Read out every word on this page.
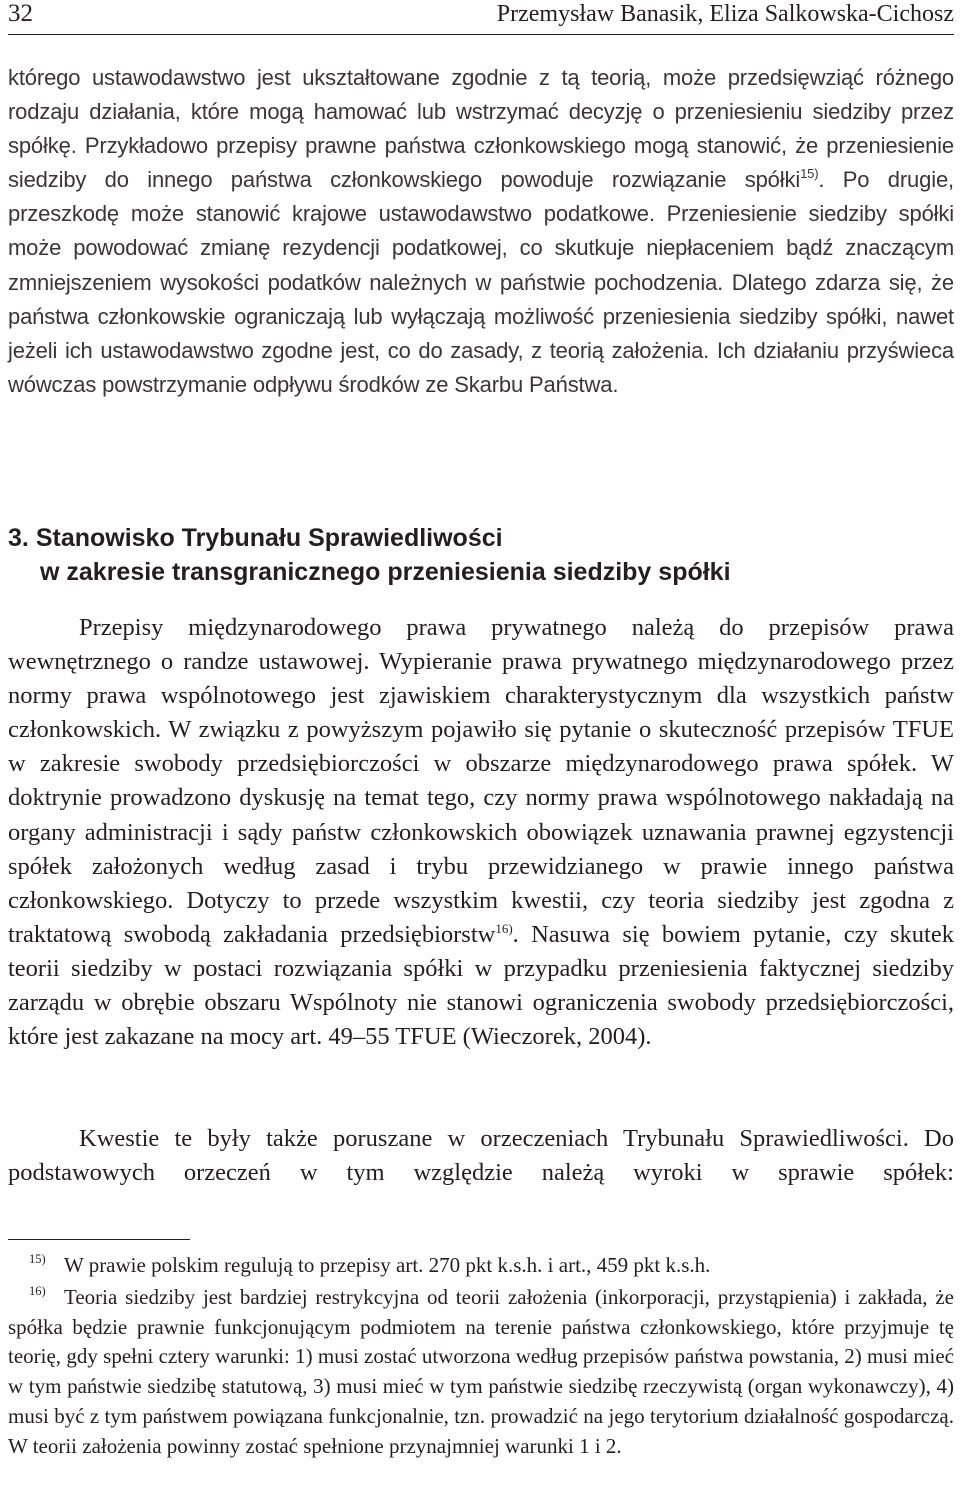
32	Przemysław Banasik, Eliza Salkowska-Cichosz

którego ustawodawstwo jest ukształtowane zgodnie z tą teorią, może przedsięwziąć różnego rodzaju działania, które mogą hamować lub wstrzymać decyzję o przeniesieniu siedziby przez spółkę. Przykładowo przepisy prawne państwa członkowskiego mogą stanowić, że przeniesienie siedziby do innego państwa członkowskiego powoduje rozwiązanie spółki$^{15)}$. Po drugie, przeszkodę może stanowić krajowe ustawodawstwo podatkowe. Przeniesienie siedziby spółki może powodować zmianę rezydencji podatkowej, co skutkuje niepłaceniem bądź znaczącym zmniejszeniem wysokości podatków należnych w państwie pochodzenia. Dlatego zdarza się, że państwa członkowskie ograniczają lub wyłączają możliwość przeniesienia siedziby spółki, nawet jeżeli ich ustawodawstwo zgodne jest, co do zasady, z teorią założenia. Ich działaniu przyświeca wówczas powstrzymanie odpływu środków ze Skarbu Państwa.

3. Stanowisko Trybunału Sprawiedliwości
w zakresie transgranicznego przeniesienia siedziby spółki

Przepisy międzynarodowego prawa prywatnego należą do przepisów prawa wewnętrznego o randze ustawowej. Wypieranie prawa prywatnego międzynarodowego przez normy prawa wspólnotowego jest zjawiskiem charakterystycznym dla wszystkich państw członkowskich. W związku z powyższym pojawiło się pytanie o skuteczność przepisów TFUE w zakresie swobody przedsiębiorczości w obszarze międzynarodowego prawa spółek. W doktrynie prowadzono dyskusję na temat tego, czy normy prawa wspólnotowego nakładają na organy administracji i sądy państw członkowskich obowiązek uznawania prawnej egzystencji spółek założonych według zasad i trybu przewidzianego w prawie innego państwa członkowskiego. Dotyczy to przede wszystkim kwestii, czy teoria siedziby jest zgodna z traktatową swobodą zakładania przedsiębiorstw$^{16)}$. Nasuwa się bowiem pytanie, czy skutek teorii siedziby w postaci rozwiązania spółki w przypadku przeniesienia faktycznej siedziby zarządu w obrębie obszaru Wspólnoty nie stanowi ograniczenia swobody przedsiębiorczości, które jest zakazane na mocy art. 49–55 TFUE (Wieczorek, 2004).

Kwestie te były także poruszane w orzeczeniach Trybunału Sprawiedliwości. Do podstawowych orzeczeń w tym względzie należą wyroki w sprawie spółek:

15) W prawie polskim regulują to przepisy art. 270 pkt k.s.h. i art., 459 pkt k.s.h.

16) Teoria siedziby jest bardziej restrykcyjna od teorii założenia (inkorporacji, przystąpienia) i zakłada, że spółka będzie prawnie funkcjonującym podmiotem na terenie państwa członkowskiego, które przyjmuje tę teorię, gdy spełni cztery warunki: 1) musi zostać utworzona według przepisów państwa powstania, 2) musi mieć w tym państwie siedzibę statutową, 3) musi mieć w tym państwie siedzibę rzeczywistą (organ wykonawczy), 4) musi być z tym państwem powiązana funkcjonalnie, tzn. prowadzić na jego terytorium działalność gospodarczą. W teorii założenia powinny zostać spełnione przynajmniej warunki 1 i 2.
